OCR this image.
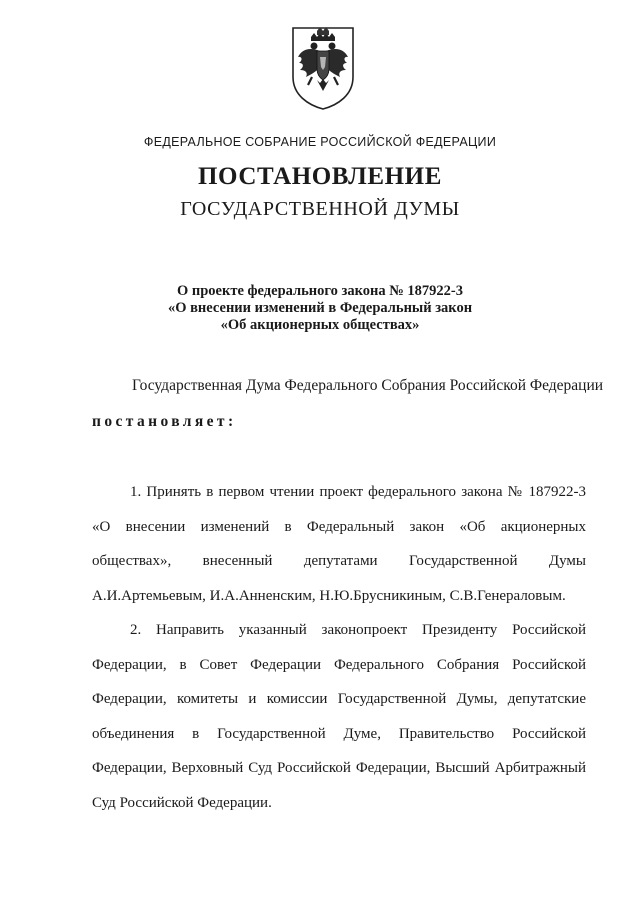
ФЕДЕРАЛЬНОЕ СОБРАНИЕ РОССИЙСКОЙ ФЕДЕРАЦИИ
ПОСТАНОВЛЕНИЕ
ГОСУДАРСТВЕННОЙ ДУМЫ
О проекте федерального закона № 187922-3
«О внесении изменений в Федеральный закон
«Об акционерных обществах»
Государственная Дума Федерального Собрания Российской Федерации
постановляет:

1. Принять в первом чтении проект федерального закона № 187922-3 «О внесении изменений в Федеральный закон «Об акционерных обществах», внесенный депутатами Государственной Думы А.И.Артемьевым, И.А.Анненским, Н.Ю.Брусникиным, С.В.Генераловым.

2. Направить указанный законопроект Президенту Российской Федерации, в Совет Федерации Федерального Собрания Российской Федерации, комитеты и комиссии Государственной Думы, депутатские объединения в Государственной Думе, Правительство Российской Федерации, Верховный Суд Российской Федерации, Высший Арбитражный Суд Российской Федерации.
